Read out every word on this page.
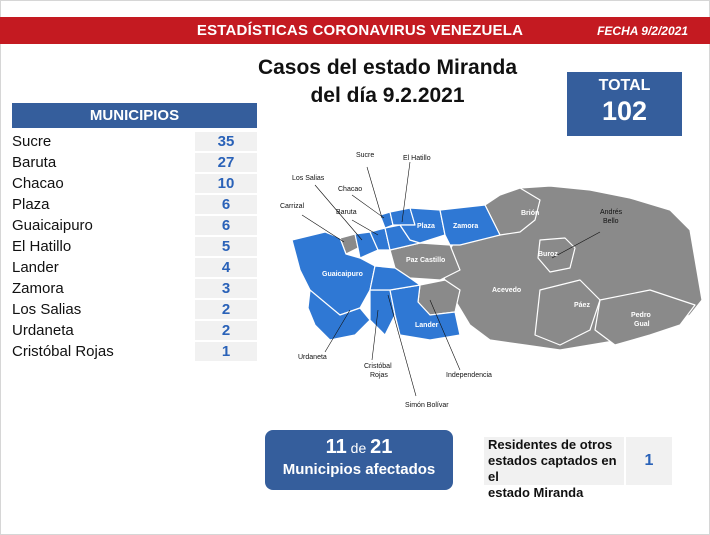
ESTADÍSTICAS CORONAVIRUS VENEZUELA	FECHA 9/2/2021
Casos del estado Miranda
del día 9.2.2021	TOTAL
102
MUNICIPIOS
Sucre	35
Baruta	27
Chacao	10
Plaza	6
Guaicaipuro	6
El Hatillo	5
Lander	4
Zamora	3
Los Salias	2
Urdaneta	2
Cristóbal Rojas	1
Sucre	El Hatillo
Los Salias
Chacao
Carrizal
Baruta
Plaza	Zamora
Paz Castillo
Guaicaipuro
Acevedo
Brión	Andrés
Bello
Buroz
Páez
Pedro
Gual
Lander
Urdaneta
Cristóbal
Rojas	Independencia
Simón Bolívar
11 de 21
Municipios afectados
Residentes de otros
estados captados en el
estado Miranda
1
